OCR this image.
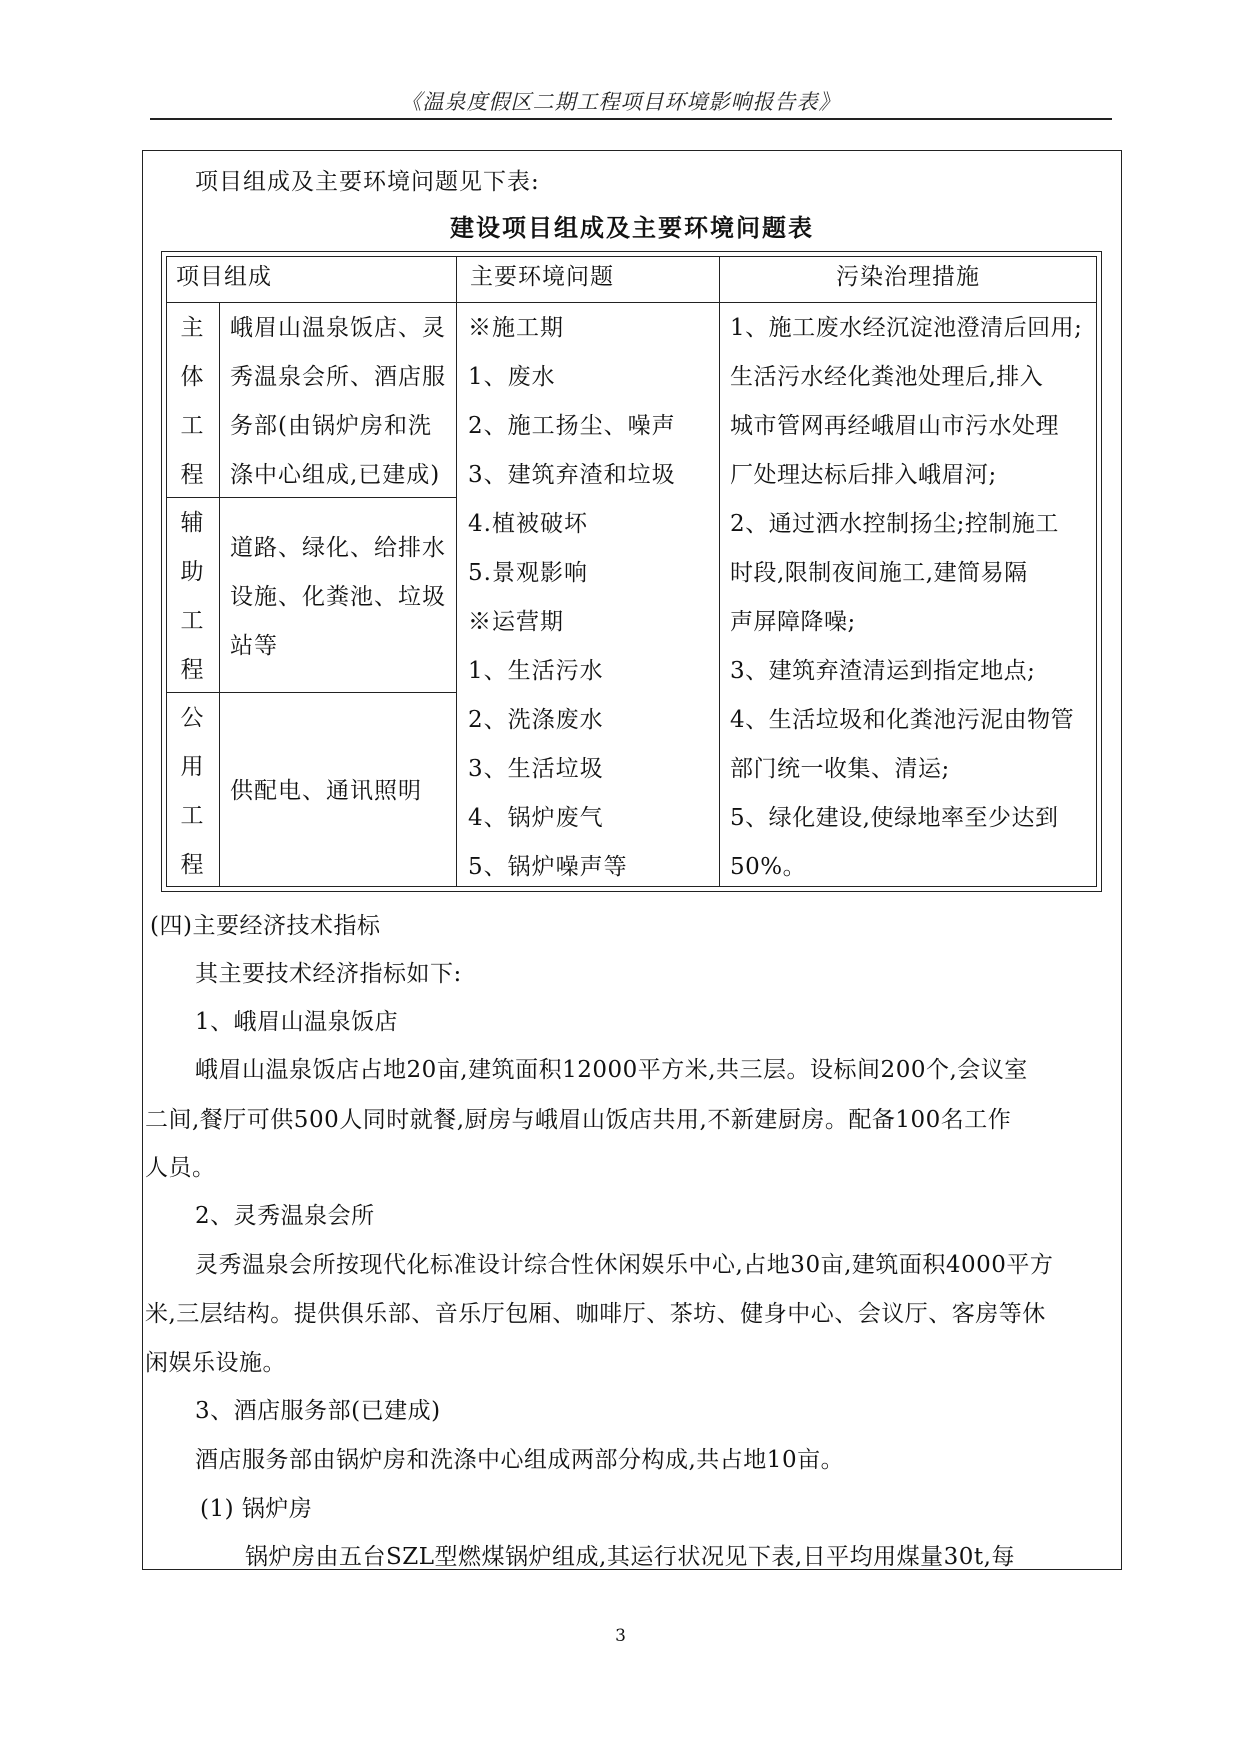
《温泉度假区二期工程项目环境影响报告表》
项目组成及主要环境问题见下表:
建设项目组成及主要环境问题表
项目组成	主要环境问题	污染治理措施
主
体
工
程
峨眉山温泉饭店、灵
秀温泉会所、酒店服
务部(由锅炉房和洗
涤中心组成,已建成)
辅
助
工
程
道路、绿化、给排水
设施、化粪池、垃圾
站等
公
用
工
程
供配电、通讯照明
※施工期
1、废水
2、施工扬尘、噪声
3、建筑弃渣和垃圾
4.植被破坏
5.景观影响
※运营期
1、生活污水
2、洗涤废水
3、生活垃圾
4、锅炉废气
5、锅炉噪声等
1、施工废水经沉淀池澄清后回用;
生活污水经化粪池处理后,排入
城市管网再经峨眉山市污水处理
厂处理达标后排入峨眉河;
2、通过洒水控制扬尘;控制施工
时段,限制夜间施工,建简易隔
声屏障降噪;
3、建筑弃渣清运到指定地点;
4、生活垃圾和化粪池污泥由物管
部门统一收集、清运;
5、绿化建设,使绿地率至少达到
50%。
(四)主要经济技术指标
其主要技术经济指标如下:
1、峨眉山温泉饭店
峨眉山温泉饭店占地20亩,建筑面积12000平方米,共三层。设标间200个,会议室
二间,餐厅可供500人同时就餐,厨房与峨眉山饭店共用,不新建厨房。配备100名工作
人员。
2、灵秀温泉会所
灵秀温泉会所按现代化标准设计综合性休闲娱乐中心,占地30亩,建筑面积4000平方
米,三层结构。提供俱乐部、音乐厅包厢、咖啡厅、茶坊、健身中心、会议厅、客房等休
闲娱乐设施。
3、酒店服务部(已建成)
酒店服务部由锅炉房和洗涤中心组成两部分构成,共占地10亩。
(1) 锅炉房
锅炉房由五台SZL型燃煤锅炉组成,其运行状况见下表,日平均用煤量30t,每
3
